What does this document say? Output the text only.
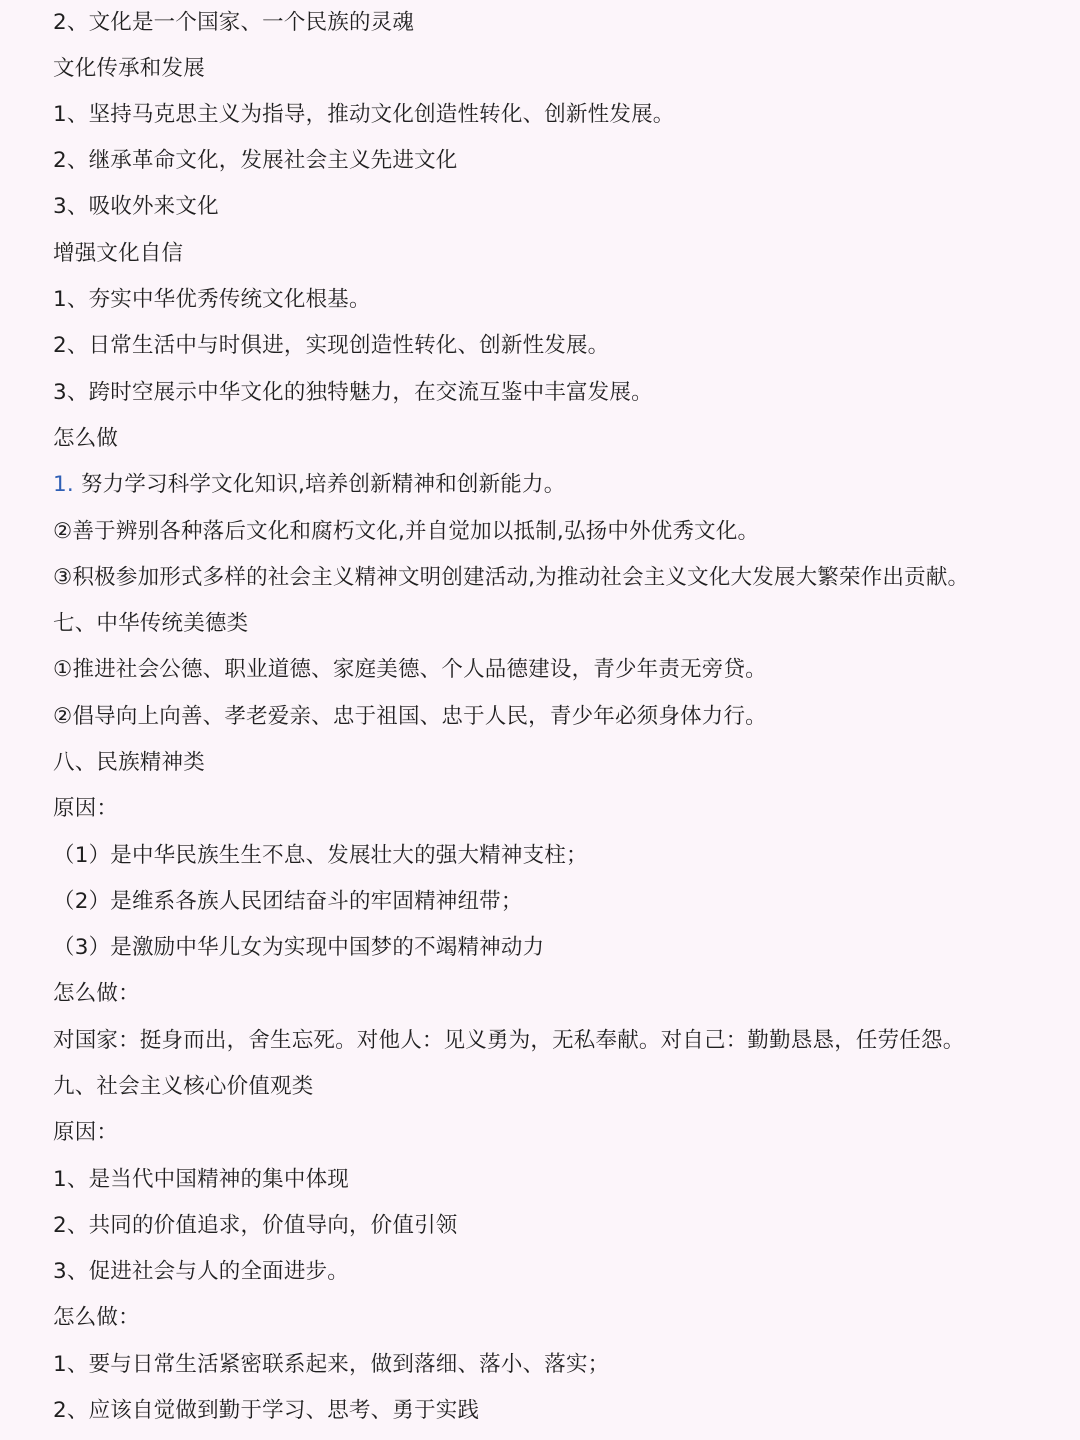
2、文化是一个国家、一个民族的灵魂
文化传承和发展
1、坚持马克思主义为指导，推动文化创造性转化、创新性发展。
2、继承革命文化，发展社会主义先进文化
3、吸收外来文化
增强文化自信
1、夯实中华优秀传统文化根基。
2、日常生活中与时俱进，实现创造性转化、创新性发展。
3、跨时空展示中华文化的独特魅力，在交流互鉴中丰富发展。
怎么做
1. 努力学习科学文化知识,培养创新精神和创新能力。
②善于辨别各种落后文化和腐朽文化,并自觉加以抵制,弘扬中外优秀文化。
③积极参加形式多样的社会主义精神文明创建活动,为推动社会主义文化大发展大繁荣作出贡献。
七、中华传统美德类
①推进社会公德、职业道德、家庭美德、个人品德建设，青少年责无旁贷。
②倡导向上向善、孝老爱亲、忠于祖国、忠于人民，青少年必须身体力行。
八、民族精神类
原因：
（1）是中华民族生生不息、发展壮大的强大精神支柱；
（2）是维系各族人民团结奋斗的牢固精神纽带；
（3）是激励中华儿女为实现中国梦的不竭精神动力
怎么做：
对国家：挺身而出，舍生忘死。对他人：见义勇为，无私奉献。对自己：勤勤恳恳，任劳任怨。
九、社会主义核心价值观类
原因：
1、是当代中国精神的集中体现
2、共同的价值追求，价值导向，价值引领
3、促进社会与人的全面进步。
怎么做：
1、要与日常生活紧密联系起来，做到落细、落小、落实；
2、应该自觉做到勤于学习、思考、勇于实践
